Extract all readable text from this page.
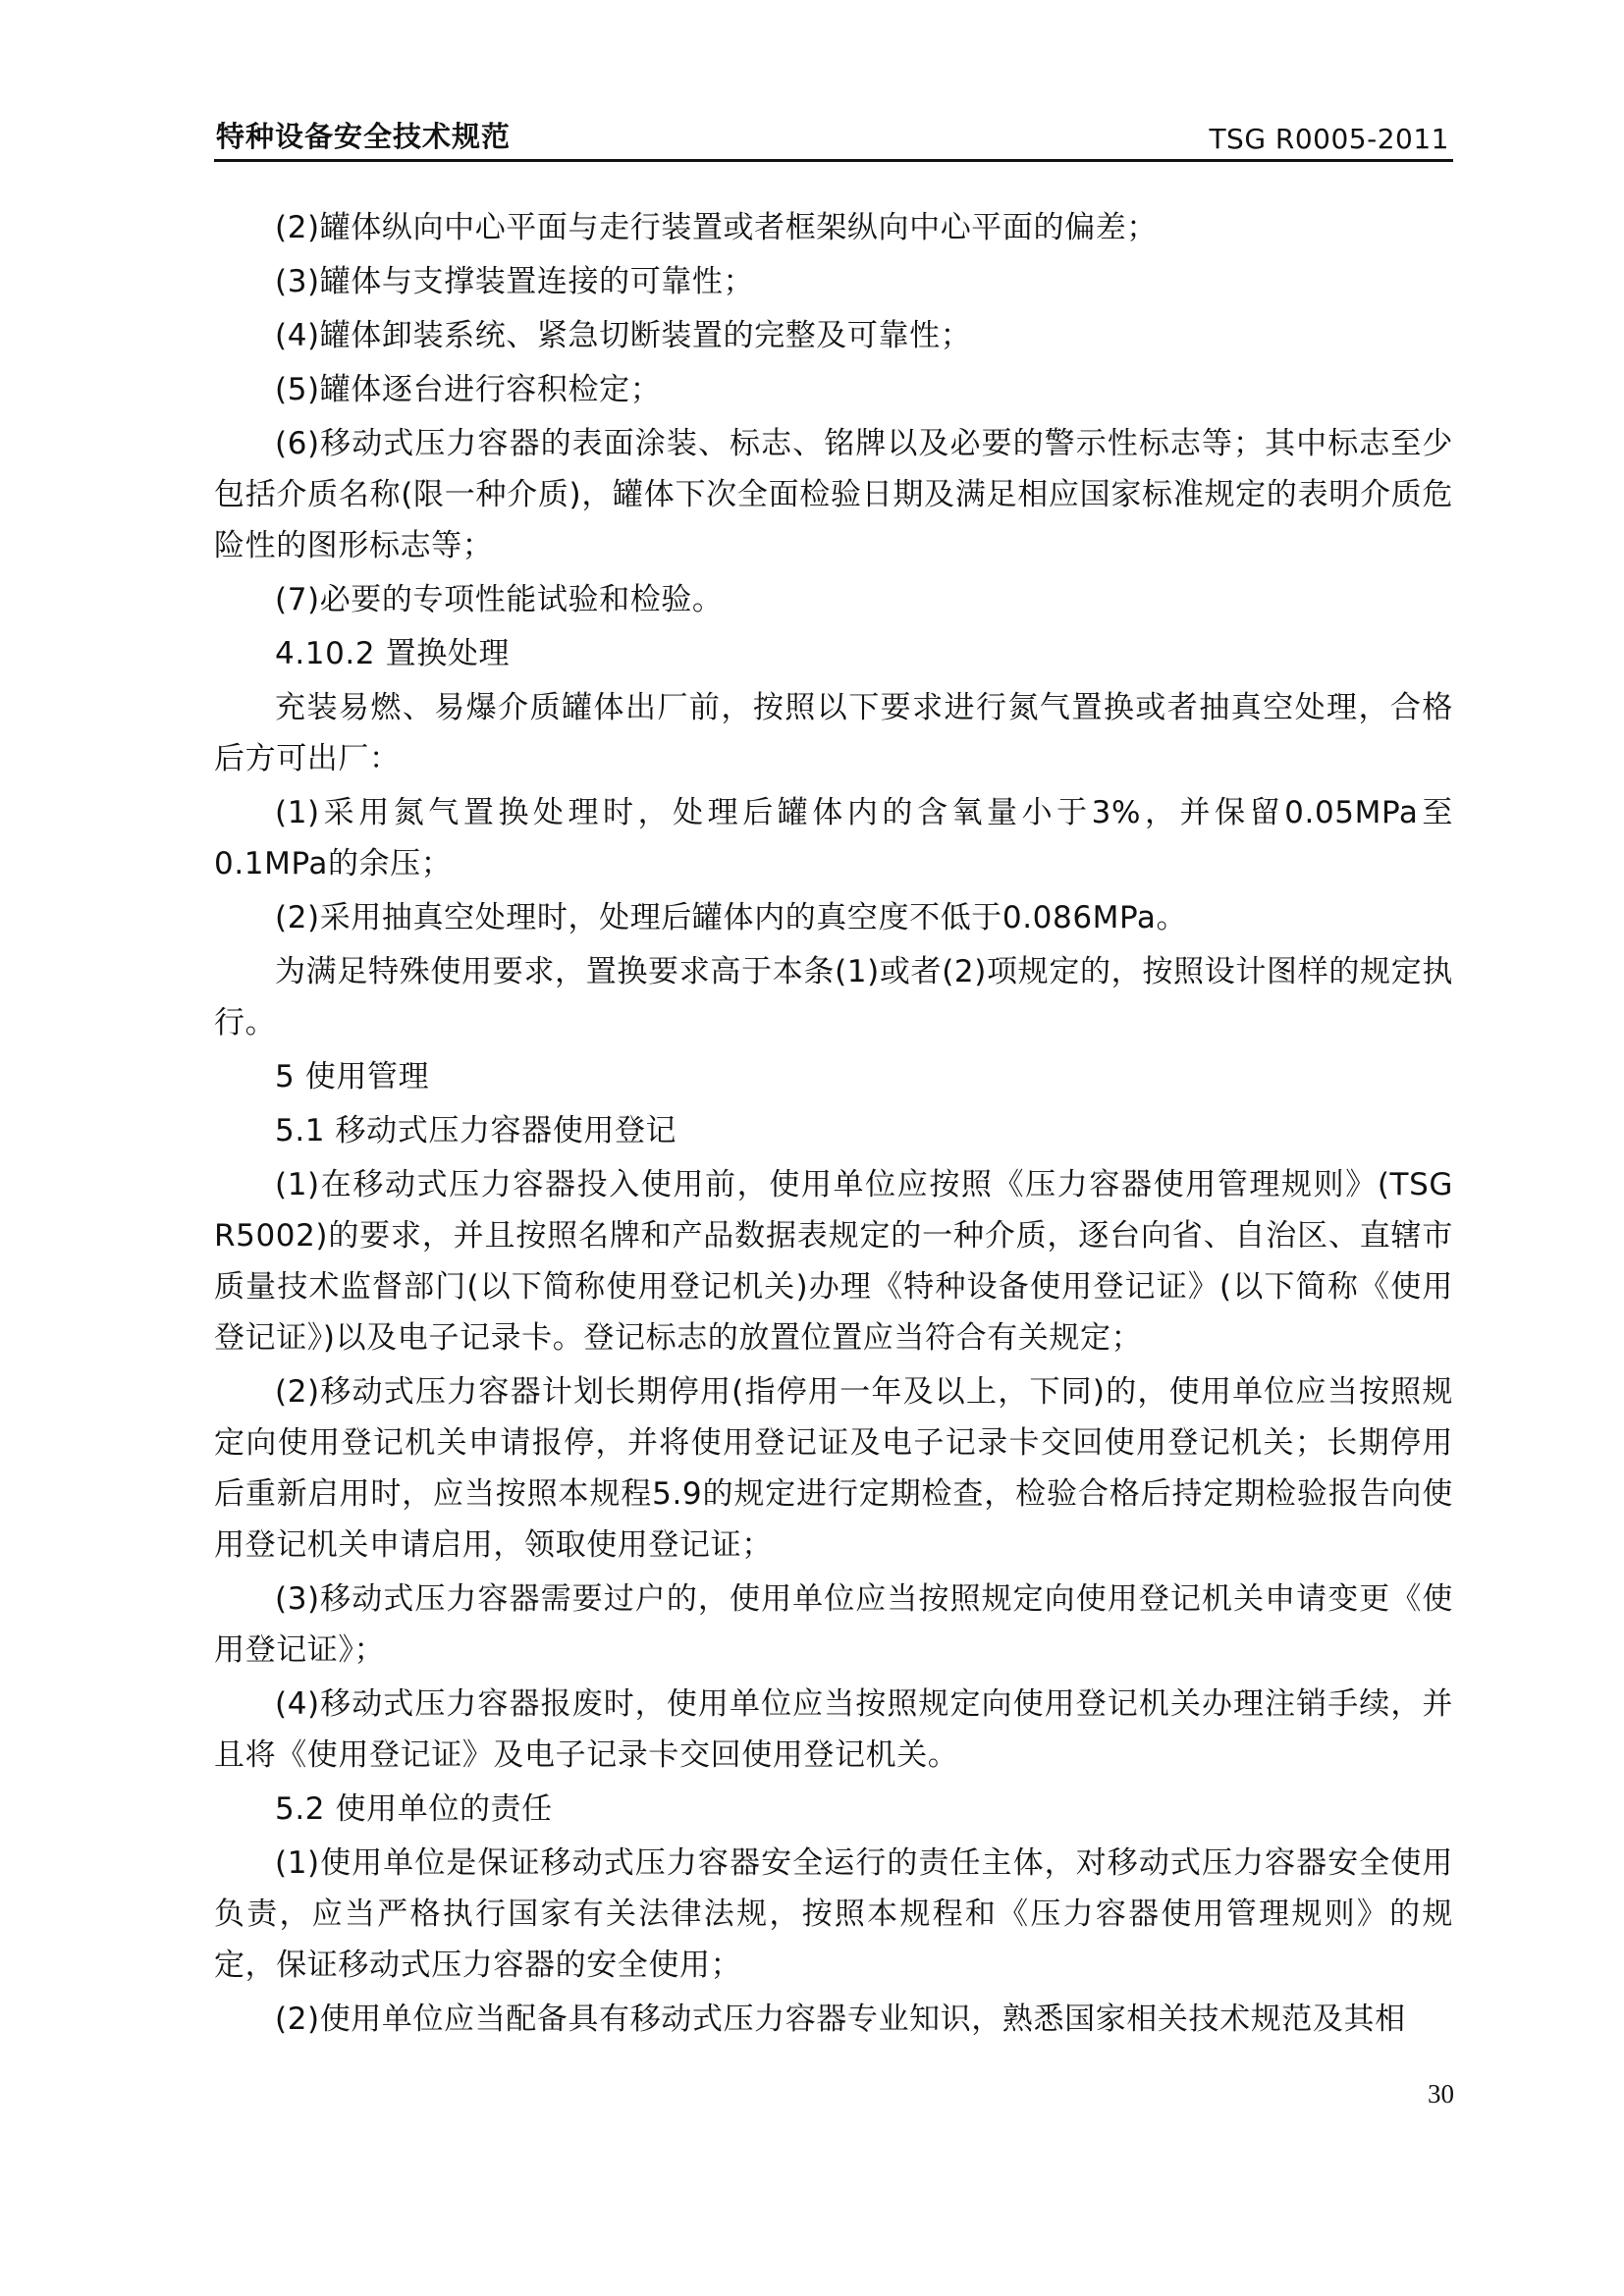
特种设备安全技术规范	TSG R0005-2011

(2)罐体纵向中心平面与走行装置或者框架纵向中心平面的偏差；

(3)罐体与支撑装置连接的可靠性；

(4)罐体卸装系统、紧急切断装置的完整及可靠性；

(5)罐体逐台进行容积检定；

(6)移动式压力容器的表面涂装、标志、铭牌以及必要的警示性标志等；其中标志至少包括介质名称(限一种介质)，罐体下次全面检验日期及满足相应国家标准规定的表明介质危险性的图形标志等；

(7)必要的专项性能试验和检验。

4.10.2 置换处理

充装易燃、易爆介质罐体出厂前，按照以下要求进行氮气置换或者抽真空处理，合格后方可出厂：

(1)采用氮气置换处理时，处理后罐体内的含氧量小于3%，并保留0.05MPa至0.1MPa的余压；

(2)采用抽真空处理时，处理后罐体内的真空度不低于0.086MPa。

为满足特殊使用要求，置换要求高于本条(1)或者(2)项规定的，按照设计图样的规定执行。

5 使用管理

5.1 移动式压力容器使用登记

(1)在移动式压力容器投入使用前，使用单位应按照《压力容器使用管理规则》(TSG R5002)的要求，并且按照名牌和产品数据表规定的一种介质，逐台向省、自治区、直辖市质量技术监督部门(以下简称使用登记机关)办理《特种设备使用登记证》(以下简称《使用登记证》)以及电子记录卡。登记标志的放置位置应当符合有关规定；

(2)移动式压力容器计划长期停用(指停用一年及以上，下同)的，使用单位应当按照规定向使用登记机关申请报停，并将使用登记证及电子记录卡交回使用登记机关；长期停用后重新启用时，应当按照本规程5.9的规定进行定期检查，检验合格后持定期检验报告向使用登记机关申请启用，领取使用登记证；

(3)移动式压力容器需要过户的，使用单位应当按照规定向使用登记机关申请变更《使用登记证》；

(4)移动式压力容器报废时，使用单位应当按照规定向使用登记机关办理注销手续，并且将《使用登记证》及电子记录卡交回使用登记机关。

5.2 使用单位的责任

(1)使用单位是保证移动式压力容器安全运行的责任主体，对移动式压力容器安全使用负责，应当严格执行国家有关法律法规，按照本规程和《压力容器使用管理规则》的规定，保证移动式压力容器的安全使用；

(2)使用单位应当配备具有移动式压力容器专业知识，熟悉国家相关技术规范及其相

30
